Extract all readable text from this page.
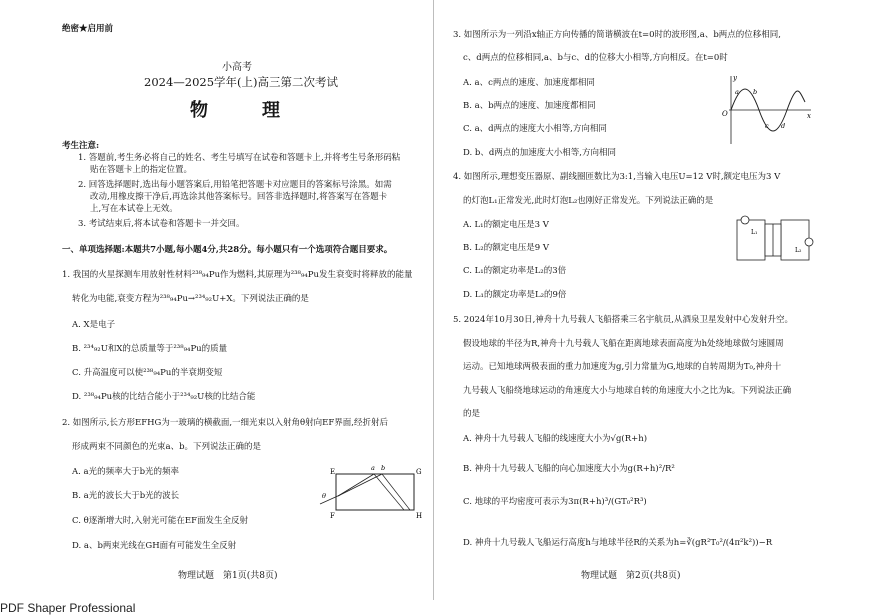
绝密★启用前
小高考
2024—2025学年(上)高三第二次考试
物　理
考生注意:
1. 答题前,考生务必将自己的姓名、考生号填写在试卷和答题卡上,并将考生号条形码粘
贴在答题卡上的指定位置。
2. 回答选择题时,选出每小题答案后,用铅笔把答题卡对应题目的答案标号涂黑。如需
改动,用橡皮擦干净后,再选涂其他答案标号。回答非选择题时,将答案写在答题卡
上,写在本试卷上无效。
3. 考试结束后,将本试卷和答题卡一并交回。
一、单项选择题:本题共7小题,每小题4分,共28分。每小题只有一个选项符合题目要求。
1. 我国的火星探测车用放射性材料²³⁸₉₄Pu作为燃料,其原理为²³⁸₉₄Pu发生衰变时将释放的能量
转化为电能,衰变方程为²³⁸₉₄Pu→²³⁴₉₂U+X。下列说法正确的是
A. X是电子
B. ²³⁴₉₂U和X的总质量等于²³⁸₉₄Pu的质量
C. 升高温度可以使²³⁸₉₄Pu的半衰期变短
D. ²³⁸₉₄Pu核的比结合能小于²³⁴₉₂U核的比结合能
2. 如图所示,长方形EFHG为一玻璃的横截面,一细光束以入射角θ射向EF界面,经折射后
形成两束不同颜色的光束a、b。下列说法正确的是
A. a光的频率大于b光的频率
B. a光的波长大于b光的波长
C. θ逐渐增大时,入射光可能在EF面发生全反射
D. a、b两束光线在GH面有可能发生全反射
E	G
F	H
a b
θ
物理试题　第1页(共8页)
3. 如图所示为一列沿x轴正方向传播的简谐横波在t=0时的波形图,a、b两点的位移相同,
c、d两点的位移相同,a、b与c、d的位移大小相等,方向相反。在t=0时
A. a、c两点的速度、加速度都相同
B. a、b两点的速度、加速度都相同
C. a、d两点的速度大小相等,方向相同
D. b、d两点的加速度大小相等,方向相同
y
x
O
a b
c d
4. 如图所示,理想变压器原、副线圈匝数比为3:1,当输入电压U=12 V时,额定电压为3 V
的灯泡L₁正常发光,此时灯泡L₂也刚好正常发光。下列说法正确的是
A. L₁的额定电压是3 V
B. L₂的额定电压是9 V
C. L₁的额定功率是L₂的3倍
D. L₁的额定功率是L₂的9倍
L₁
L₂
5. 2024年10月30日,神舟十九号载人飞船搭乘三名宇航员,从酒泉卫星发射中心发射升空。
假设地球的半径为R,神舟十九号载人飞船在距离地球表面高度为h处绕地球做匀速圆周
运动。已知地球两极表面的重力加速度为g,引力常量为G,地球的自转周期为T₀,神舟十
九号载人飞船绕地球运动的角速度大小与地球自转的角速度大小之比为k。下列说法正确
的是
A. 神舟十九号载人飞船的线速度大小为√g(R+h)
B. 神舟十九号载人飞船的向心加速度大小为g(R+h)²/R²
C. 地球的平均密度可表示为3π(R+h)³/(GT₀²R³)
D. 神舟十九号载人飞船运行高度h与地球半径R的关系为h=∛(gR²T₀²/(4π²k²))−R
物理试题　第2页(共8页)
PDF Shaper Professional
